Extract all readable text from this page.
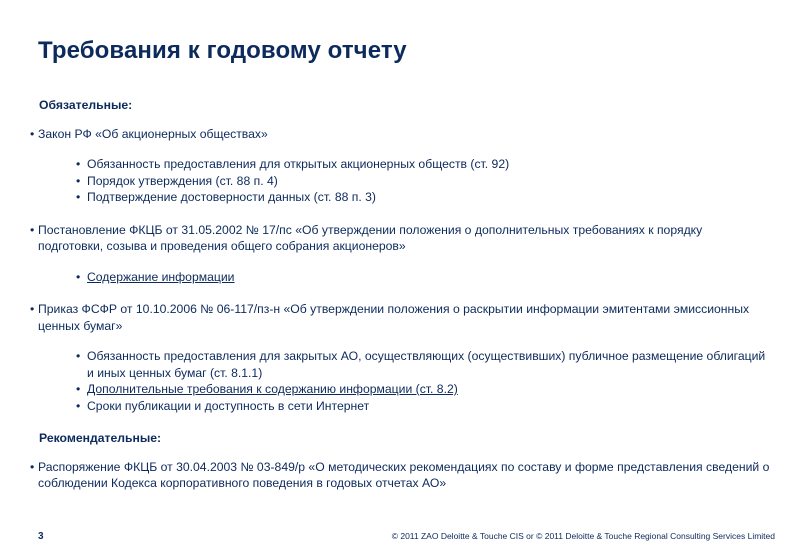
Требования к годовому отчету
Обязательные:
• Закон РФ «Об акционерных обществах»
• Обязанность предоставления для открытых акционерных обществ (ст. 92)
• Порядок утверждения (ст. 88 п. 4)
• Подтверждение достоверности данных (ст. 88 п. 3)
• Постановление ФКЦБ от 31.05.2002 № 17/пс «Об утверждении положения о дополнительных требованиях к порядку подготовки, созыва и проведения общего собрания акционеров»
• Содержание информации
• Приказ ФСФР от 10.10.2006 № 06-117/пз-н «Об утверждении положения о раскрытии информации эмитентами эмиссионных ценных бумаг»
• Обязанность предоставления для закрытых АО, осуществляющих (осуществивших) публичное размещение облигаций и иных ценных бумаг (ст. 8.1.1)
• Дополнительные требования к содержанию информации (ст. 8.2)
• Сроки публикации и доступность в сети Интернет
Рекомендательные:
• Распоряжение ФКЦБ от 30.04.2003 № 03-849/р «О методических рекомендациях по составу и форме представления сведений о соблюдении Кодекса корпоративного поведения в годовых отчетах АО»
3	© 2011 ZAO Deloitte & Touche CIS or © 2011 Deloitte & Touche Regional Consulting Services Limited
